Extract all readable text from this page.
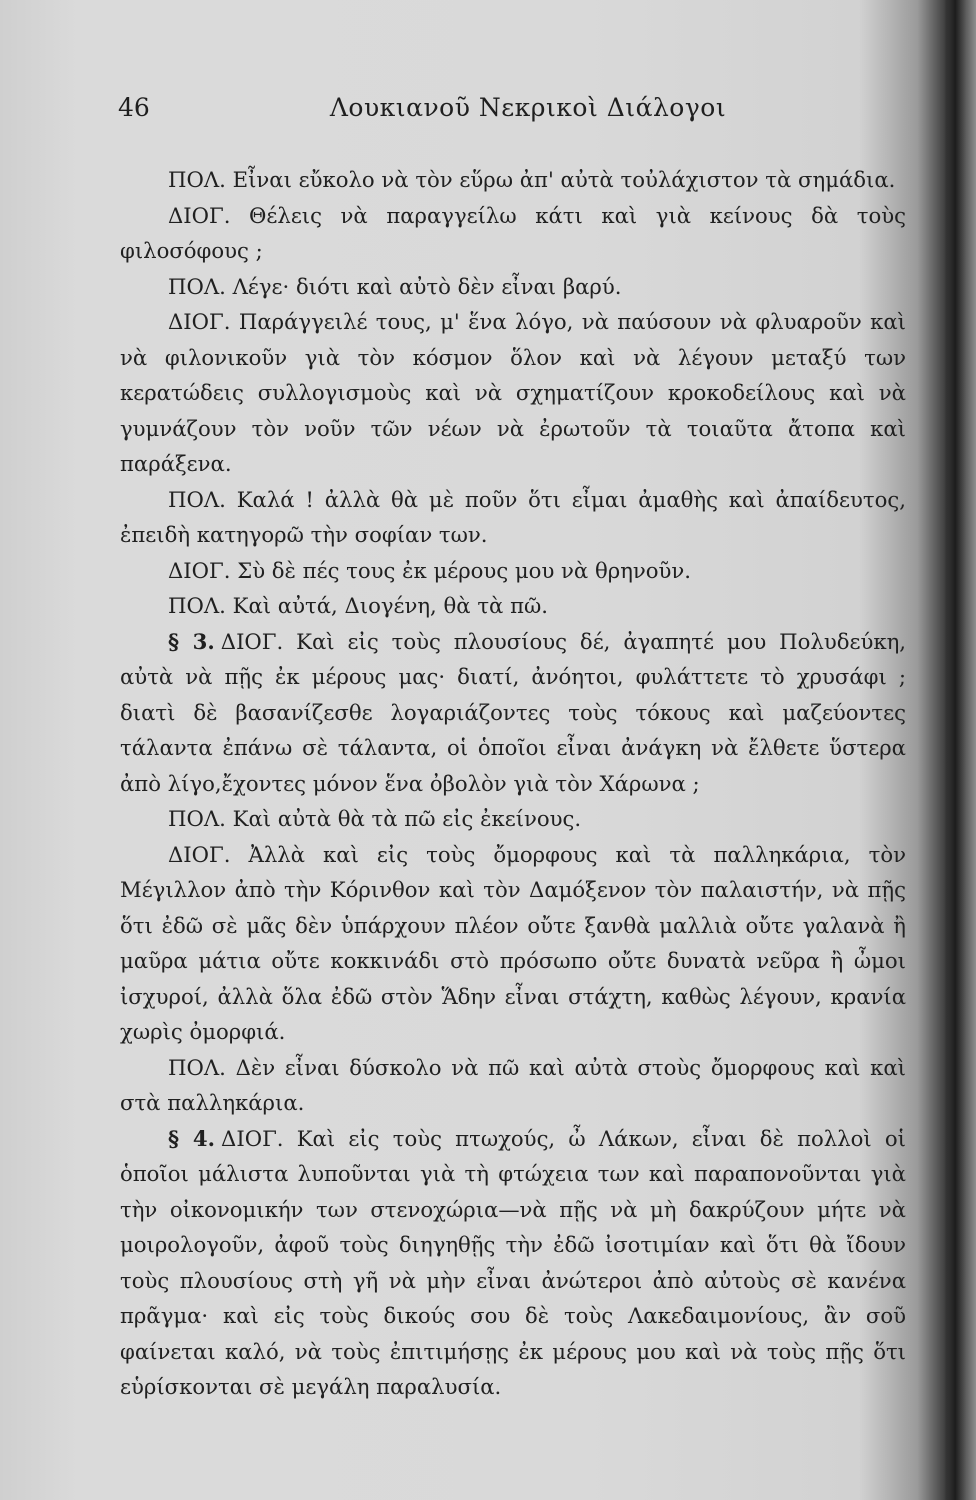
46	Λουκιανοῦ Νεκρικοὶ Διάλογοι

ΠΟΛ. Εἶναι εὔκολο νὰ τὸν εὕρω ἀπ' αὐτὰ τοὐλάχιστον τὰ σημάδια.

ΔΙΟΓ. Θέλεις νὰ παραγγείλω κάτι καὶ γιὰ κείνους δὰ τοὺς φιλοσόφους ;

ΠΟΛ. Λέγε· διότι καὶ αὐτὸ δὲν εἶναι βαρύ.

ΔΙΟΓ. Παράγγειλέ τους, μ' ἕνα λόγο, νὰ παύσουν νὰ φλυαροῦν καὶ νὰ φιλονικοῦν γιὰ τὸν κόσμον ὅλον καὶ νὰ λέγουν μεταξύ των κερατώδεις συλλογισμοὺς καὶ νὰ σχηματίζουν κροκοδείλους καὶ νὰ γυμνάζουν τὸν νοῦν τῶν νέων νὰ ἐρωτοῦν τὰ τοιαῦτα ἄτοπα καὶ παράξενα.

ΠΟΛ. Καλά ! ἀλλὰ θὰ μὲ ποῦν ὅτι εἶμαι ἀμαθὴς καὶ ἀπαίδευτος, ἐπειδὴ κατηγορῶ τὴν σοφίαν των.

ΔΙΟΓ. Σὺ δὲ πές τους ἐκ μέρους μου νὰ θρηνοῦν.

ΠΟΛ. Καὶ αὐτά, Διογένη, θὰ τὰ πῶ.

§ 3. ΔΙΟΓ. Καὶ εἰς τοὺς πλουσίους δέ, ἀγαπητέ μου Πολυδεύκη, αὐτὰ νὰ πῇς ἐκ μέρους μας· διατί, ἀνόητοι, φυλάττετε τὸ χρυσάφι ; διατὶ δὲ βασανίζεσθε λογαριάζοντες τοὺς τόκους καὶ μαζεύοντες τάλαντα ἐπάνω σὲ τάλαντα, οἱ ὁποῖοι εἶναι ἀνάγκη νὰ ἔλθετε ὕστερα ἀπὸ λίγο,ἔχοντες μόνον ἕνα ὀβολὸν γιὰ τὸν Χάρωνα ;

ΠΟΛ. Καὶ αὐτὰ θὰ τὰ πῶ εἰς ἐκείνους.

ΔΙΟΓ. Ἀλλὰ καὶ εἰς τοὺς ὄμορφους καὶ τὰ παλληκάρια, τὸν Μέγιλλον ἀπὸ τὴν Κόρινθον καὶ τὸν Δαμόξενον τὸν παλαιστήν, νὰ πῇς ὅτι ἐδῶ σὲ μᾶς δὲν ὑπάρχουν πλέον οὔτε ξανθὰ μαλλιὰ οὔτε γαλανὰ ἢ μαῦρα μάτια οὔτε κοκκινάδι στὸ πρόσωπο οὔτε δυνατὰ νεῦρα ἢ ὦμοι ἰσχυροί, ἀλλὰ ὅλα ἐδῶ στὸν Ἅδην εἶναι στάχτη, καθὼς λέγουν, κρανία χωρὶς ὀμορφιά.

ΠΟΛ. Δὲν εἶναι δύσκολο νὰ πῶ καὶ αὐτὰ στοὺς ὄμορφους καὶ καὶ στὰ παλληκάρια.

§ 4. ΔΙΟΓ. Καὶ εἰς τοὺς πτωχούς, ὦ Λάκων, εἶναι δὲ πολλοὶ οἱ ὁποῖοι μάλιστα λυποῦνται γιὰ τὴ φτώχεια των καὶ παραπονοῦνται γιὰ τὴν οἰκονομικήν των στενοχώρια—νὰ πῇς νὰ μὴ δακρύζουν μήτε νὰ μοιρολογοῦν, ἀφοῦ τοὺς διηγηθῇς τὴν ἐδῶ ἰσοτιμίαν καὶ ὅτι θὰ ἴδουν τοὺς πλουσίους στὴ γῆ νὰ μὴν εἶναι ἀνώτεροι ἀπὸ αὐτοὺς σὲ κανένα πρᾶγμα· καὶ εἰς τοὺς δικούς σου δὲ τοὺς Λακεδαιμονίους, ἂν σοῦ φαίνεται καλό, νὰ τοὺς ἐπιτιμήσῃς ἐκ μέρους μου καὶ νὰ τοὺς πῇς ὅτι εὑρίσκονται σὲ μεγάλη παραλυσία.
